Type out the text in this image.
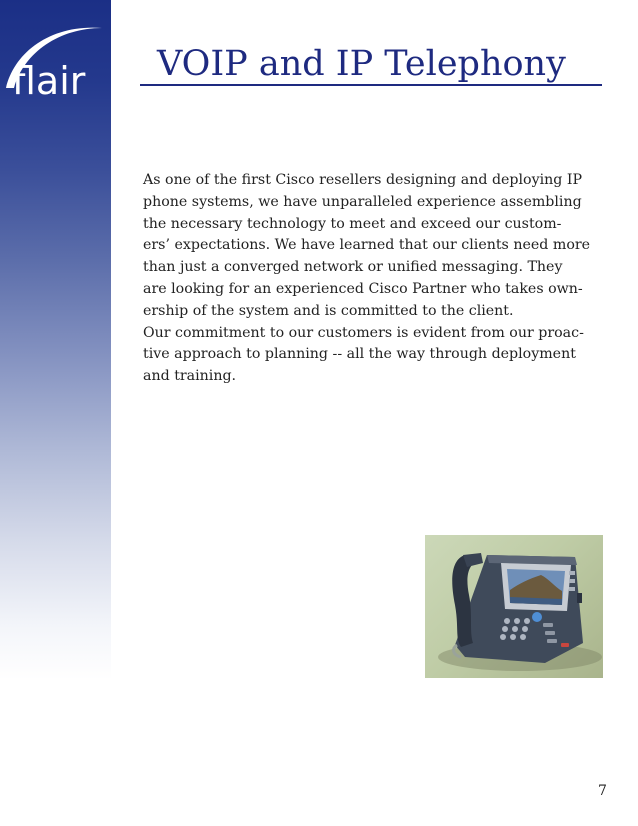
flair VOIP and IP Telephony

As one of the first Cisco resellers designing and deploying IP

phone systems, we have unparalleled experience assembling

the necessary technology to meet and exceed our custom-

ers’ expectations. We have learned that our clients need more

than just a converged network or unified messaging. They

are looking for an experienced Cisco Partner who takes own-

ership of the system and is committed to the client.

Our commitment to our customers is evident from our proac-

tive approach to planning -- all the way through deployment

and training.

7
